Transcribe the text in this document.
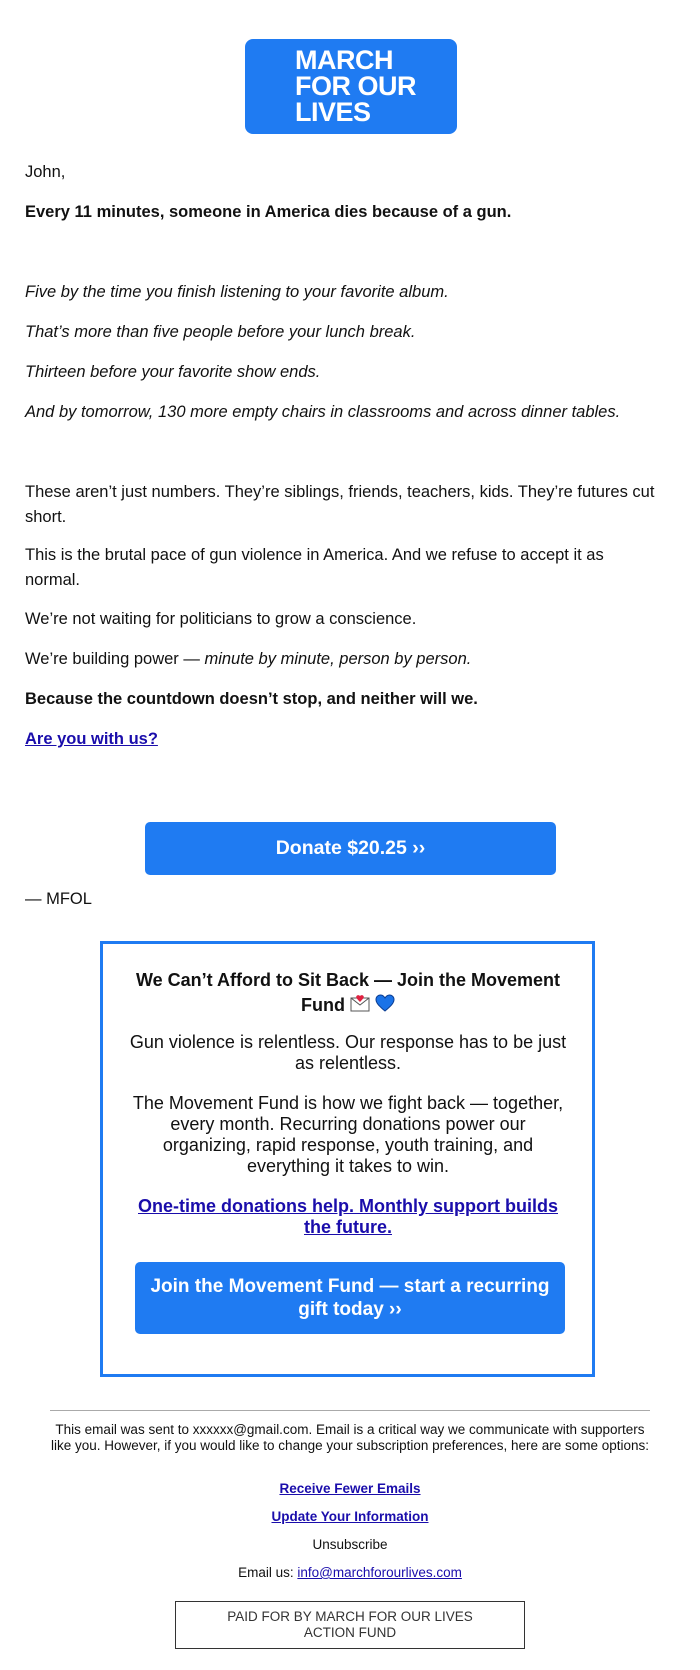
MARCH
FOR OUR
LIVES

John,

Every 11 minutes, someone in America dies because of a gun.

Five by the time you finish listening to your favorite album.

That’s more than five people before your lunch break.

Thirteen before your favorite show ends.

And by tomorrow, 130 more empty chairs in classrooms and across dinner tables.

These aren’t just numbers. They’re siblings, friends, teachers, kids. They’re futures cut short.

This is the brutal pace of gun violence in America. And we refuse to accept it as normal.

We’re not waiting for politicians to grow a conscience.

We’re building power — minute by minute, person by person.

Because the countdown doesn’t stop, and neither will we.

Are you with us?

Donate $20.25 ››

— MFOL

We Can’t Afford to Sit Back — Join the Movement Fund
Gun violence is relentless. Our response has to be just as relentless.
The Movement Fund is how we fight back — together, every month. Recurring donations power our organizing, rapid response, youth training, and everything it takes to win.
One-time donations help. Monthly support builds the future.
Join the Movement Fund — start a recurring gift today ››
This email was sent to xxxxxx@gmail.com. Email is a critical way we communicate with supporters like you. However, if you would like to change your subscription preferences, here are some options:
Receive Fewer Emails
Update Your Information
Unsubscribe
Email us: info@marchforourlives.com
PAID FOR BY MARCH FOR OUR LIVES ACTION FUND
